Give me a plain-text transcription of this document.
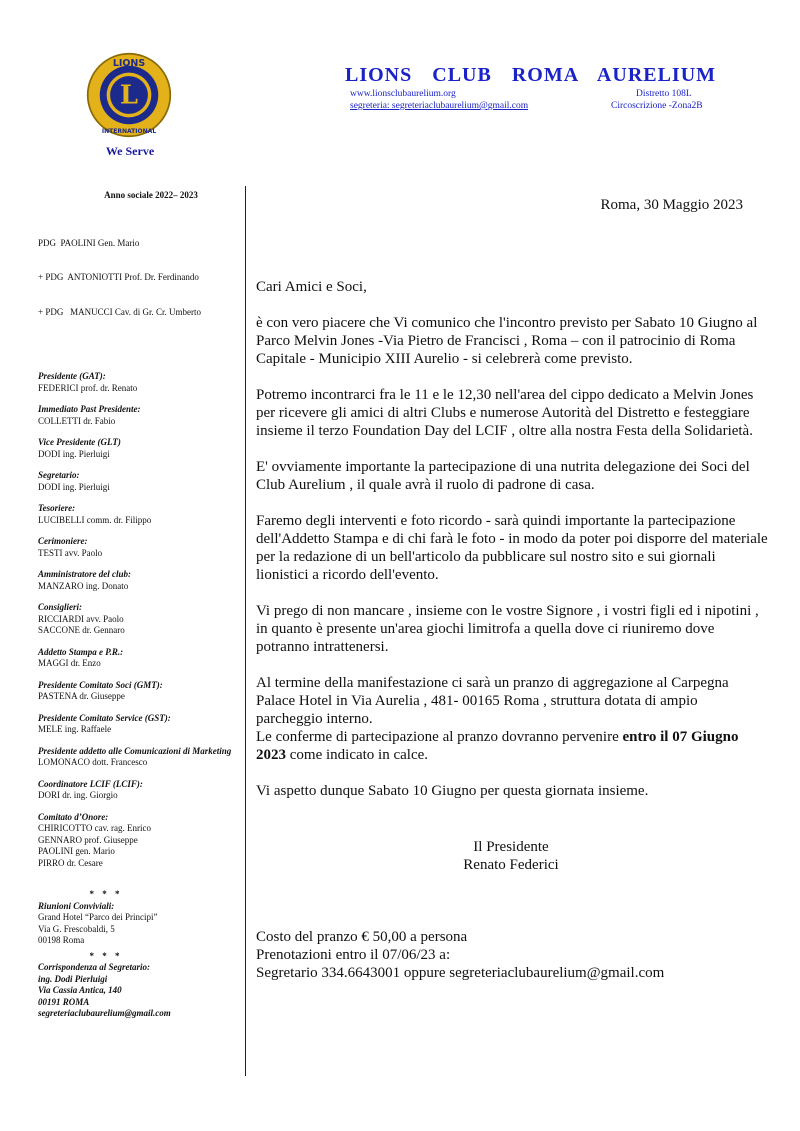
L
LIONS
INTERNATIONAL
We Serve
LIONS CLUB ROMA AURELIUM
www.lionsclubaurelium.org
segreteria: segreteriaclubaurelium@gmail.com
Distretto 108L
Circoscrizione -Zona2B
Anno sociale 2022– 2023

PDG  PAOLINI Gen. Mario

+ PDG  ANTONIOTTI Prof. Dr. Ferdinando

+ PDG   MANUCCI Cav. di Gr. Cr. Umberto

Presidente (GAT):
FEDERICI prof. dr. Renato
Immediato Past Presidente:
COLLETTI dr. Fabio
Vice Presidente (GLT)
DODI ing. Pierluigi
Segretario:
DODI ing. Pierluigi
Tesoriere:
LUCIBELLI comm. dr. Filippo
Cerimoniere:
TESTI avv. Paolo
Amministratore del club:
MANZARO ing. Donato
Consiglieri:
RICCIARDI avv. Paolo
SACCONE dr. Gennaro
Addetto Stampa e P.R.:
MAGGI dr. Enzo
Presidente Comitato Soci (GMT):
PASTENA dr. Giuseppe
Presidente Comitato Service (GST):
MELE ing. Raffaele
Presidente addetto alle Comunicazioni di Marketing
LOMONACO dott. Francesco
Coordinatore LCIF (LCIF):
DORI dr. ing. Giorgio
Comitato d’Onore:
CHIRICOTTO cav. rag. Enrico
GENNARO prof. Giuseppe
PAOLINI gen. Mario
PIRRO dr. Cesare
* * *
Riunioni Conviviali:
Grand Hotel “Parco dei Principi”
Via G. Frescobaldi, 5
00198 Roma
* * *
Corrispondenza al Segretario:
ing. Dodi Pierluigi
Via Cassia Antica, 140
00191 ROMA
segreteriaclubaurelium@gmail.com
Roma, 30 Maggio 2023
Cari Amici e Soci,
è con vero piacere che Vi comunico che l'incontro previsto per Sabato 10 Giugno al Parco Melvin Jones -Via Pietro de Francisci , Roma – con il patrocinio di Roma Capitale - Municipio XIII Aurelio - si celebrerà come previsto.
Potremo incontrarci fra le 11 e le 12,30 nell'area del cippo dedicato a Melvin Jones per ricevere gli amici di altri Clubs e numerose Autorità del Distretto e festeggiare insieme il terzo Foundation Day del LCIF , oltre alla nostra Festa della Solidarietà.
E' ovviamente importante la partecipazione di una nutrita delegazione dei Soci del Club Aurelium , il quale avrà il ruolo di padrone di casa.
Faremo degli interventi e foto ricordo - sarà quindi importante la partecipazione dell'Addetto Stampa e di chi farà le foto - in modo da poter poi disporre del materiale per la redazione di un bell'articolo da pubblicare sul nostro sito e sui giornali lionistici a ricordo dell'evento.
Vi prego di non mancare , insieme con le vostre Signore , i vostri figli ed i nipotini , in quanto è presente un'area giochi limitrofa a quella dove ci riuniremo dove potranno intrattenersi.
Al termine della manifestazione ci sarà un pranzo di aggregazione al Carpegna Palace Hotel in Via Aurelia , 481- 00165 Roma , struttura dotata di ampio parcheggio interno.
Le conferme di partecipazione al pranzo dovranno pervenire entro il 07 Giugno 2023 come indicato in calce.
Vi aspetto dunque Sabato 10 Giugno per questa giornata insieme.
Il Presidente
Renato Federici
Costo del pranzo € 50,00 a persona
Prenotazioni entro il 07/06/23 a:
Segretario 334.6643001 oppure segreteriaclubaurelium@gmail.com
